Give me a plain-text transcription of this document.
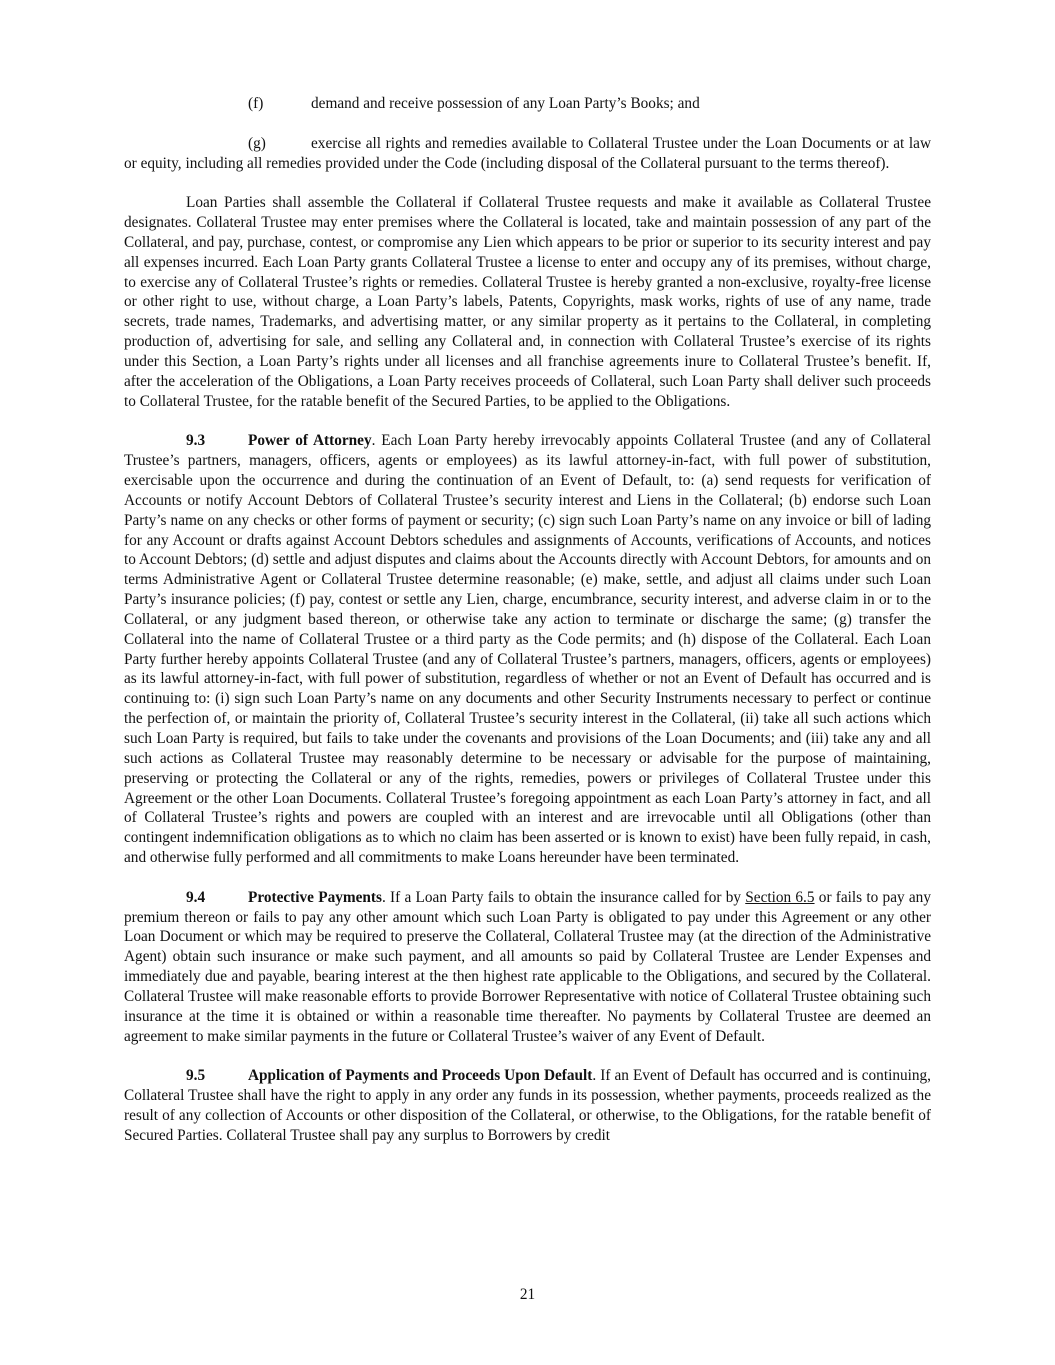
(f)	demand and receive possession of any Loan Party’s Books; and

(g)	exercise all rights and remedies available to Collateral Trustee under the Loan Documents or at law or equity, including all remedies provided under the Code (including disposal of the Collateral pursuant to the terms thereof).

Loan Parties shall assemble the Collateral if Collateral Trustee requests and make it available as Collateral Trustee designates. Collateral Trustee may enter premises where the Collateral is located, take and maintain possession of any part of the Collateral, and pay, purchase, contest, or compromise any Lien which appears to be prior or superior to its security interest and pay all expenses incurred. Each Loan Party grants Collateral Trustee a license to enter and occupy any of its premises, without charge, to exercise any of Collateral Trustee’s rights or remedies. Collateral Trustee is hereby granted a non-exclusive, royalty-free license or other right to use, without charge, a Loan Party’s labels, Patents, Copyrights, mask works, rights of use of any name, trade secrets, trade names, Trademarks, and advertising matter, or any similar property as it pertains to the Collateral, in completing production of, advertising for sale, and selling any Collateral and, in connection with Collateral Trustee’s exercise of its rights under this Section, a Loan Party’s rights under all licenses and all franchise agreements inure to Collateral Trustee’s benefit. If, after the acceleration of the Obligations, a Loan Party receives proceeds of Collateral, such Loan Party shall deliver such proceeds to Collateral Trustee, for the ratable benefit of the Secured Parties, to be applied to the Obligations.

9.3	Power of Attorney. Each Loan Party hereby irrevocably appoints Collateral Trustee (and any of Collateral Trustee’s partners, managers, officers, agents or employees) as its lawful attorney-in-fact, with full power of substitution, exercisable upon the occurrence and during the continuation of an Event of Default, to: (a) send requests for verification of Accounts or notify Account Debtors of Collateral Trustee’s security interest and Liens in the Collateral; (b) endorse such Loan Party’s name on any checks or other forms of payment or security; (c) sign such Loan Party’s name on any invoice or bill of lading for any Account or drafts against Account Debtors schedules and assignments of Accounts, verifications of Accounts, and notices to Account Debtors; (d) settle and adjust disputes and claims about the Accounts directly with Account Debtors, for amounts and on terms Administrative Agent or Collateral Trustee determine reasonable; (e) make, settle, and adjust all claims under such Loan Party’s insurance policies; (f) pay, contest or settle any Lien, charge, encumbrance, security interest, and adverse claim in or to the Collateral, or any judgment based thereon, or otherwise take any action to terminate or discharge the same; (g) transfer the Collateral into the name of Collateral Trustee or a third party as the Code permits; and (h) dispose of the Collateral. Each Loan Party further hereby appoints Collateral Trustee (and any of Collateral Trustee’s partners, managers, officers, agents or employees) as its lawful attorney-in-fact, with full power of substitution, regardless of whether or not an Event of Default has occurred and is continuing to: (i) sign such Loan Party’s name on any documents and other Security Instruments necessary to perfect or continue the perfection of, or maintain the priority of, Collateral Trustee’s security interest in the Collateral, (ii) take all such actions which such Loan Party is required, but fails to take under the covenants and provisions of the Loan Documents; and (iii) take any and all such actions as Collateral Trustee may reasonably determine to be necessary or advisable for the purpose of maintaining, preserving or protecting the Collateral or any of the rights, remedies, powers or privileges of Collateral Trustee under this Agreement or the other Loan Documents. Collateral Trustee’s foregoing appointment as each Loan Party’s attorney in fact, and all of Collateral Trustee’s rights and powers are coupled with an interest and are irrevocable until all Obligations (other than contingent indemnification obligations as to which no claim has been asserted or is known to exist) have been fully repaid, in cash, and otherwise fully performed and all commitments to make Loans hereunder have been terminated.

9.4	Protective Payments. If a Loan Party fails to obtain the insurance called for by Section 6.5 or fails to pay any premium thereon or fails to pay any other amount which such Loan Party is obligated to pay under this Agreement or any other Loan Document or which may be required to preserve the Collateral, Collateral Trustee may (at the direction of the Administrative Agent) obtain such insurance or make such payment, and all amounts so paid by Collateral Trustee are Lender Expenses and immediately due and payable, bearing interest at the then highest rate applicable to the Obligations, and secured by the Collateral. Collateral Trustee will make reasonable efforts to provide Borrower Representative with notice of Collateral Trustee obtaining such insurance at the time it is obtained or within a reasonable time thereafter. No payments by Collateral Trustee are deemed an agreement to make similar payments in the future or Collateral Trustee’s waiver of any Event of Default.

9.5	Application of Payments and Proceeds Upon Default. If an Event of Default has occurred and is continuing, Collateral Trustee shall have the right to apply in any order any funds in its possession, whether payments, proceeds realized as the result of any collection of Accounts or other disposition of the Collateral, or otherwise, to the Obligations, for the ratable benefit of Secured Parties. Collateral Trustee shall pay any surplus to Borrowers by credit

21
